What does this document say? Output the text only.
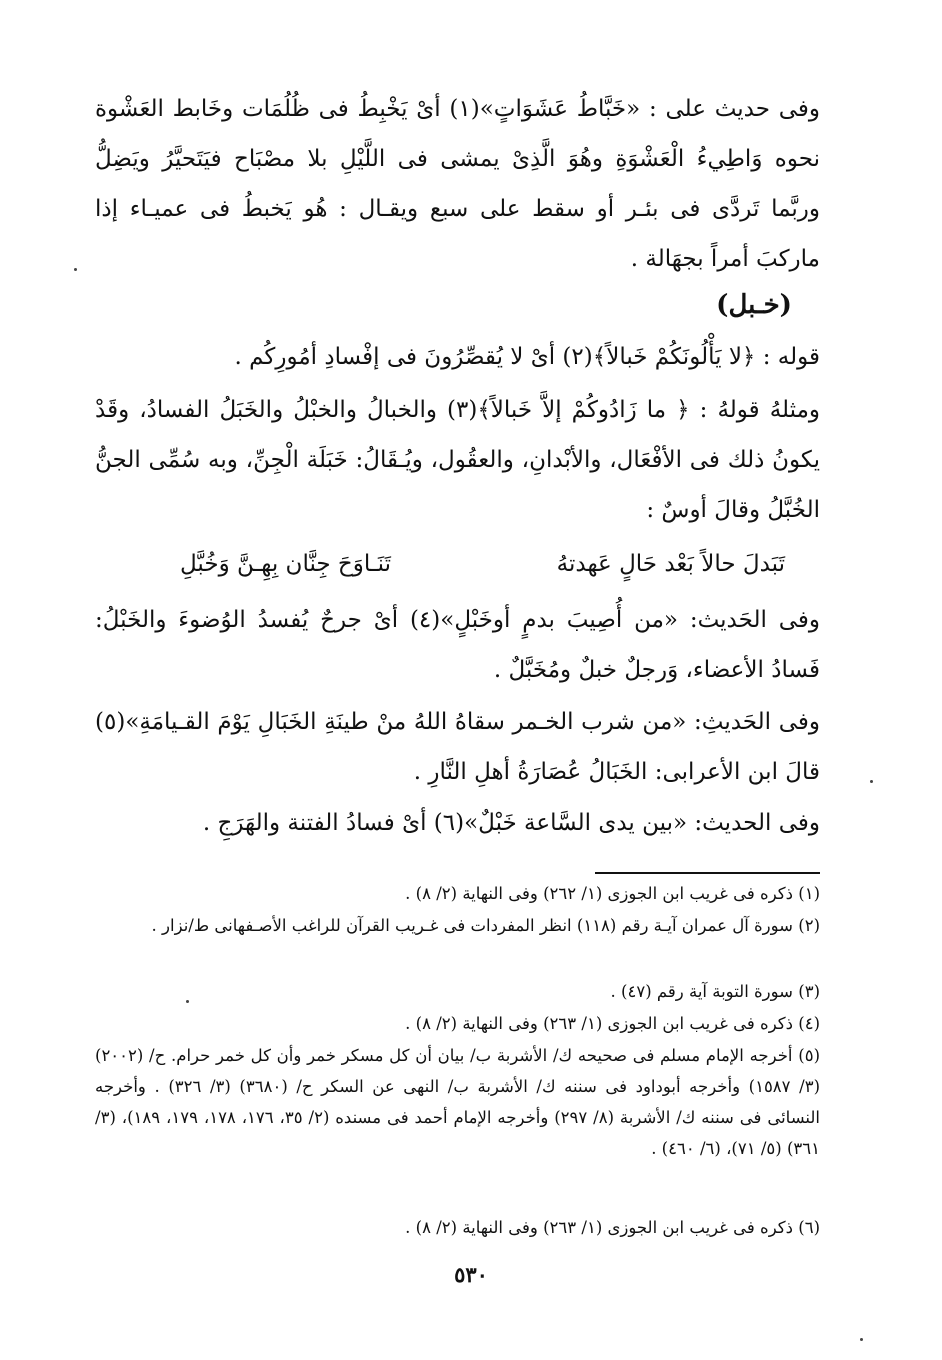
وفى حديث على : «خَبَّاطُ عَشَوَاتٍ»(١) أىْ يَخْبِطُ فى ظُلُمَات وخَابط العَشْوة نحوه وَاطِيءُ الْعَشْوَةِ وهُوَ الَّذِىْ يمشى فى اللَّيْلِ بلا مصْبَاح فيَتَحيَّرُ ويَضِلُّ وربَّما تَردَّى فى بئـر أو سقط على سبع ويقـال : هُو يَخبطُ فى عميـاء إذا ماركبَ أمراً بجهَالة .
(خـبل)
قوله : ﴿لا يَأْلُونَكُمْ خَبالاً﴾(٢) أىْ لا يُقصِّرُونَ فى إفْسادِ أمُورِكُم .
ومثلهُ قولهُ : ﴿ ما زَادُوكُمْ إلاَّ خَبالاً﴾(٣) والخبالُ والخبْلُ والخَبَلُ الفسادُ، وقَدْ يكونُ ذلك فى الأفْعَال، والأبْدانِ، والعقُول، ويُـقَالُ: خَبَلَة الْجِنِّ، وبه سُمِّى الجنُّ الخُبَّلُ وقالَ أوسٌ :
تَبَدلَ حالاً بَعْد حَالٍ عَهدتهُ
تَنَـاوَحَ جِنَّان بِهِـنَّ وَخُبَّلِ
وفى الحَديث: «من أُصِيبَ بدمٍ أوخَبْلٍ»(٤) أىْ جرحٌ يُفسدُ الوُضوءَ والخَبْلُ: فَسادُ الأعضاء، وَرجلٌ خبلٌ ومُخَبَّلٌ .
وفى الحَديثِ: «من شرب الخـمر سقاهُ اللهُ منْ طينَةِ الخَبَالِ يَوْمَ القـيامَةِ»(٥) قالَ ابن الأعرابى: الخَبَالُ عُصَارَةُ أهلِ النَّارِ .
وفى الحديث: «بين يدى السَّاعة خَبْلٌ»(٦) أىْ فسادُ الفتنة والهَرَجِ .
(١) ذكره فى غريب ابن الجوزى (١/ ٢٦٢) وفى النهاية (٢/ ٨) .
(٢) سورة آل عمران آيـة رقم (١١٨) انظر المفردات فى غـريب القرآن للراغب الأصـفهانى ط/نزار .
(٣) سورة التوبة آية رقم (٤٧) .
(٤) ذكره فى غريب ابن الجوزى (١/ ٢٦٣) وفى النهاية (٢/ ٨) .
(٥) أخرجه الإمام مسلم فى صحيحه ك/ الأشربة ب/ بيان أن كل مسكر خمر وأن كل خمر حرام. ح/ (٢٠٠٢) (٣/ ١٥٨٧) وأخرجه أبوداود فى سننه ك/ الأشربة ب/ النهى عن السكر ح/ (٣٦٨٠) (٣/ ٣٢٦) . وأخرجه النسائى فى سننه ك/ الأشربة (٨/ ٢٩٧) وأخرجه الإمام أحمد فى مسنده (٢/ ٣٥، ١٧٦، ١٧٨، ١٧٩، ١٨٩)، (٣/ ٣٦١) (٥/ ٧١)، (٦/ ٤٦٠) .
(٦) ذكره فى غريب ابن الجوزى (١/ ٢٦٣) وفى النهاية (٢/ ٨) .
٥٣٠
